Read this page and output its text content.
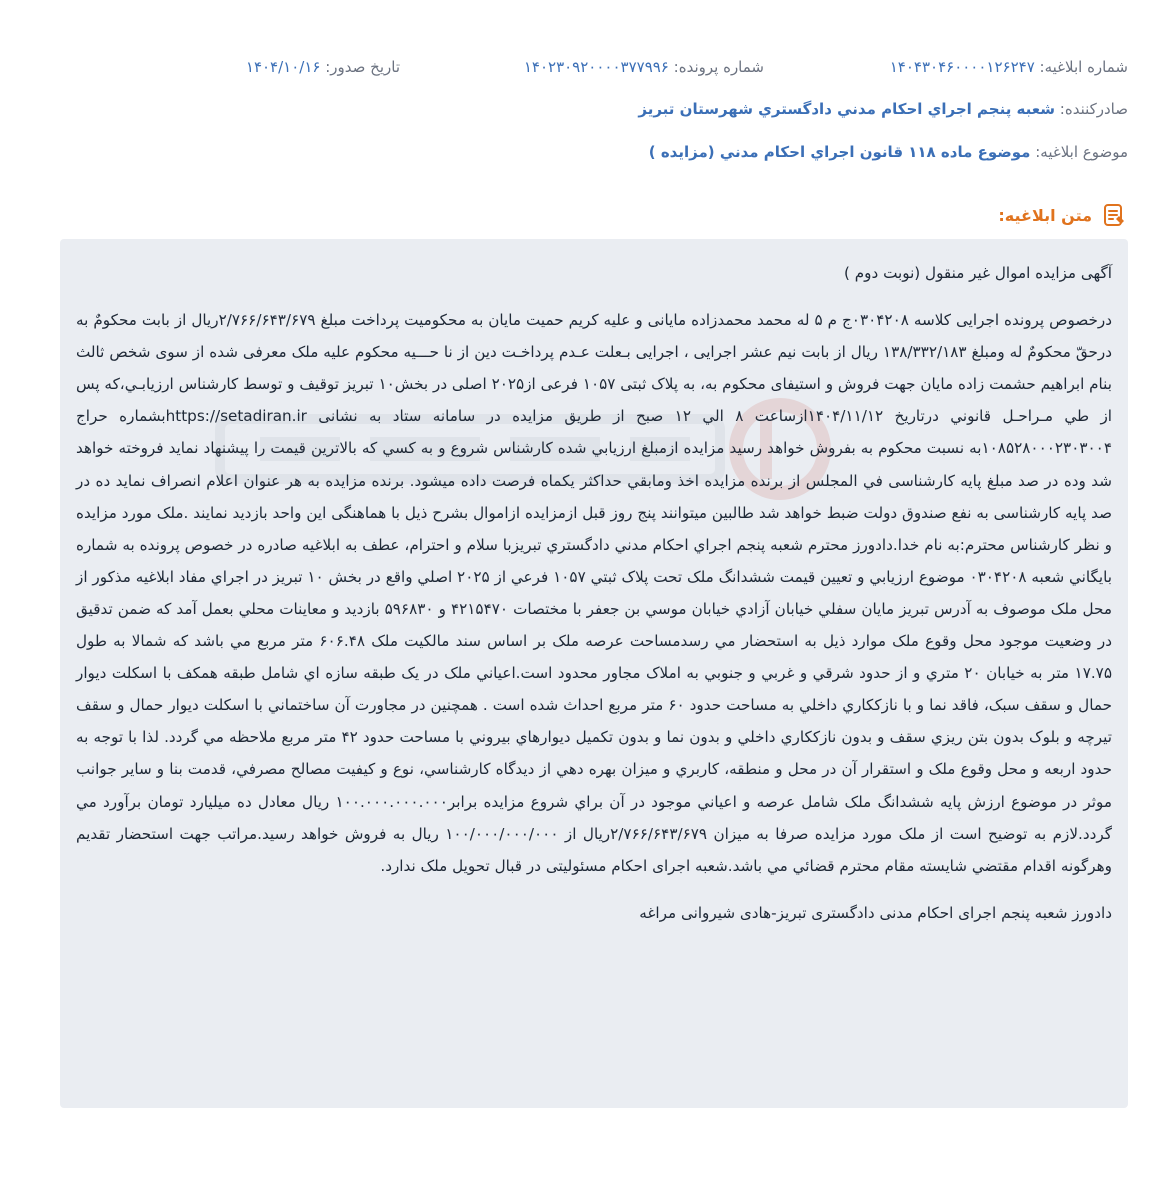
شماره ابلاغیه: ۱۴۰۴۳۰۴۶۰۰۰۰۱۲۶۲۴۷
شماره پرونده: ۱۴۰۲۳۰۹۲۰۰۰۰۳۷۷۹۹۶
تاریخ صدور: ۱۴۰۴/۱۰/۱۶
صادرکننده: شعبه پنجم اجراي احکام مدني دادگستري شهرستان تبريز
موضوع ابلاغیه: موضوع ماده ۱۱۸ قانون اجراي احکام مدني (مزايده )
متن ابلاغیه:

آگهی مزایده اموال غیر منقول (نوبت دوم )

درخصوص پرونده اجرایی کلاسه ۰۳۰۴۲۰۸ج م ۵ له محمد محمدزاده مایانی و علیه کریم حمیت مایان به محکومیت پرداخت مبلغ ۲/۷۶۶/۶۴۳/۶۷۹ریال از بابت محکومٌ به درحقّ محکومٌ له ومبلغ ۱۳۸/۳۳۲/۱۸۳ ریال از بابت نیم عشر اجرایی ، اجرایی بـعلت عـدم پرداخـت دین از نا حـــیه محکوم علیه ملک معرفی شده از سوی شخص ثالث بنام ابراهیم حشمت زاده مایان جهت فروش و استیفای محکوم به، به پلاک ثبتی ۱۰۵۷ فرعی از۲۰۲۵ اصلی در بخش۱۰ تبریز توقیف و توسط کارشناس ارزيابـي،که پس از طي مـراحـل قانوني درتاريخ ۱۴۰۴/۱۱/۱۲ازساعت ۸ الي ۱۲ صبح از طريق مزايده در سامانه ستاد به نشانی https://setadiran.irبشماره حراج ۱۰۸۵۲۸۰۰۰۲۳۰۳۰۰۴به نسبت محکوم به بفروش خواهد رسید مزايده ازمبلغ ارزيابي شده کارشناس شروع و به کسي که بالاترين قيمت را پيشنهاد نمايد فروخته خواهد شد وده در صد مبلغ پايه کارشناسی في المجلس از برنده مزايده اخذ ومابقي حداکثر يکماه فرصت داده ميشود. برنده مزايده به هر عنوان اعلام انصراف نمايد ده در صد پایه کارشناسی به نفع صندوق دولت ضبط خواهد شد طالبين ميتوانند پنج روز قبل ازمزايده ازاموال بشرح ذيل با هماهنگی اين واحد بازديد نمايند .ملک مورد مزايده و نظر کارشناس محترم:به نام خدا.دادورز محترم شعبه پنجم اجراي احکام مدني دادگستري تبريزبا سلام و احترام، عطف به ابلاغيه صادره در خصوص پرونده به شماره بايگاني شعبه ۰۳۰۴۲۰۸ موضوع ارزيابي و تعيين قيمت ششدانگ ملک تحت پلاک ثبتي ۱۰۵۷ فرعي از ۲۰۲۵ اصلي واقع در بخش ۱۰ تبريز در اجراي مفاد ابلاغيه مذکور از محل ملک موصوف به آدرس تبريز مايان سفلي خيابان آزادي خيابان موسي بن جعفر با مختصات ۴۲۱۵۴۷۰ و ۵۹۶۸۳۰ بازديد و معاينات محلي بعمل آمد که ضمن تدقيق در وضعيت موجود محل وقوع ملک موارد ذيل به استحضار مي رسدمساحت عرصه ملک بر اساس سند مالکيت ملک ۶۰۶.۴۸ متر مربع مي باشد که شمالا به طول ۱۷.۷۵ متر به خيابان ۲۰ متري و از حدود شرقي و غربي و جنوبي به املاک مجاور محدود است.اعياني ملک در يک طبقه سازه اي شامل طبقه همکف با اسکلت ديوار حمال و سقف سبک، فاقد نما و با نازککاري داخلي به مساحت حدود ۶۰ متر مربع احداث شده است . همچنين در مجاورت آن ساختماني با اسکلت ديوار حمال و سقف تيرچه و بلوک بدون بتن ريزي سقف و بدون نازککاري داخلي و بدون نما و بدون تکميل ديوارهاي بيروني با مساحت حدود ۴۲ متر مربع ملاحظه مي گردد. لذا با توجه به حدود اربعه و محل وقوع ملک و استقرار آن در محل و منطقه، کاربري و ميزان بهره دهي از ديدگاه کارشناسي، نوع و کيفيت مصالح مصرفي، قدمت بنا و ساير جوانب موثر در موضوع ارزش پايه ششدانگ ملک شامل عرصه و اعياني موجود در آن براي شروع مزايده برابر۱۰۰.۰۰۰.۰۰۰.۰۰۰ ريال معادل ده ميليارد تومان برآورد مي گردد.لازم به توضيح است از ملک مورد مزایده صرفا به میزان ۲/۷۶۶/۶۴۳/۶۷۹ریال از ۱۰۰/۰۰۰/۰۰۰/۰۰۰ ریال به فروش خواهد رسید.مراتب جهت استحضار تقديم وهرگونه اقدام مقتضي شايسته مقام محترم قضائي مي باشد.شعبه اجرای احکام مسئولیتی در قبال تحویل ملک ندارد.

دادورز شعبه پنجم اجرای احکام مدنی دادگستری تبریز-هادی شیروانی مراغه
